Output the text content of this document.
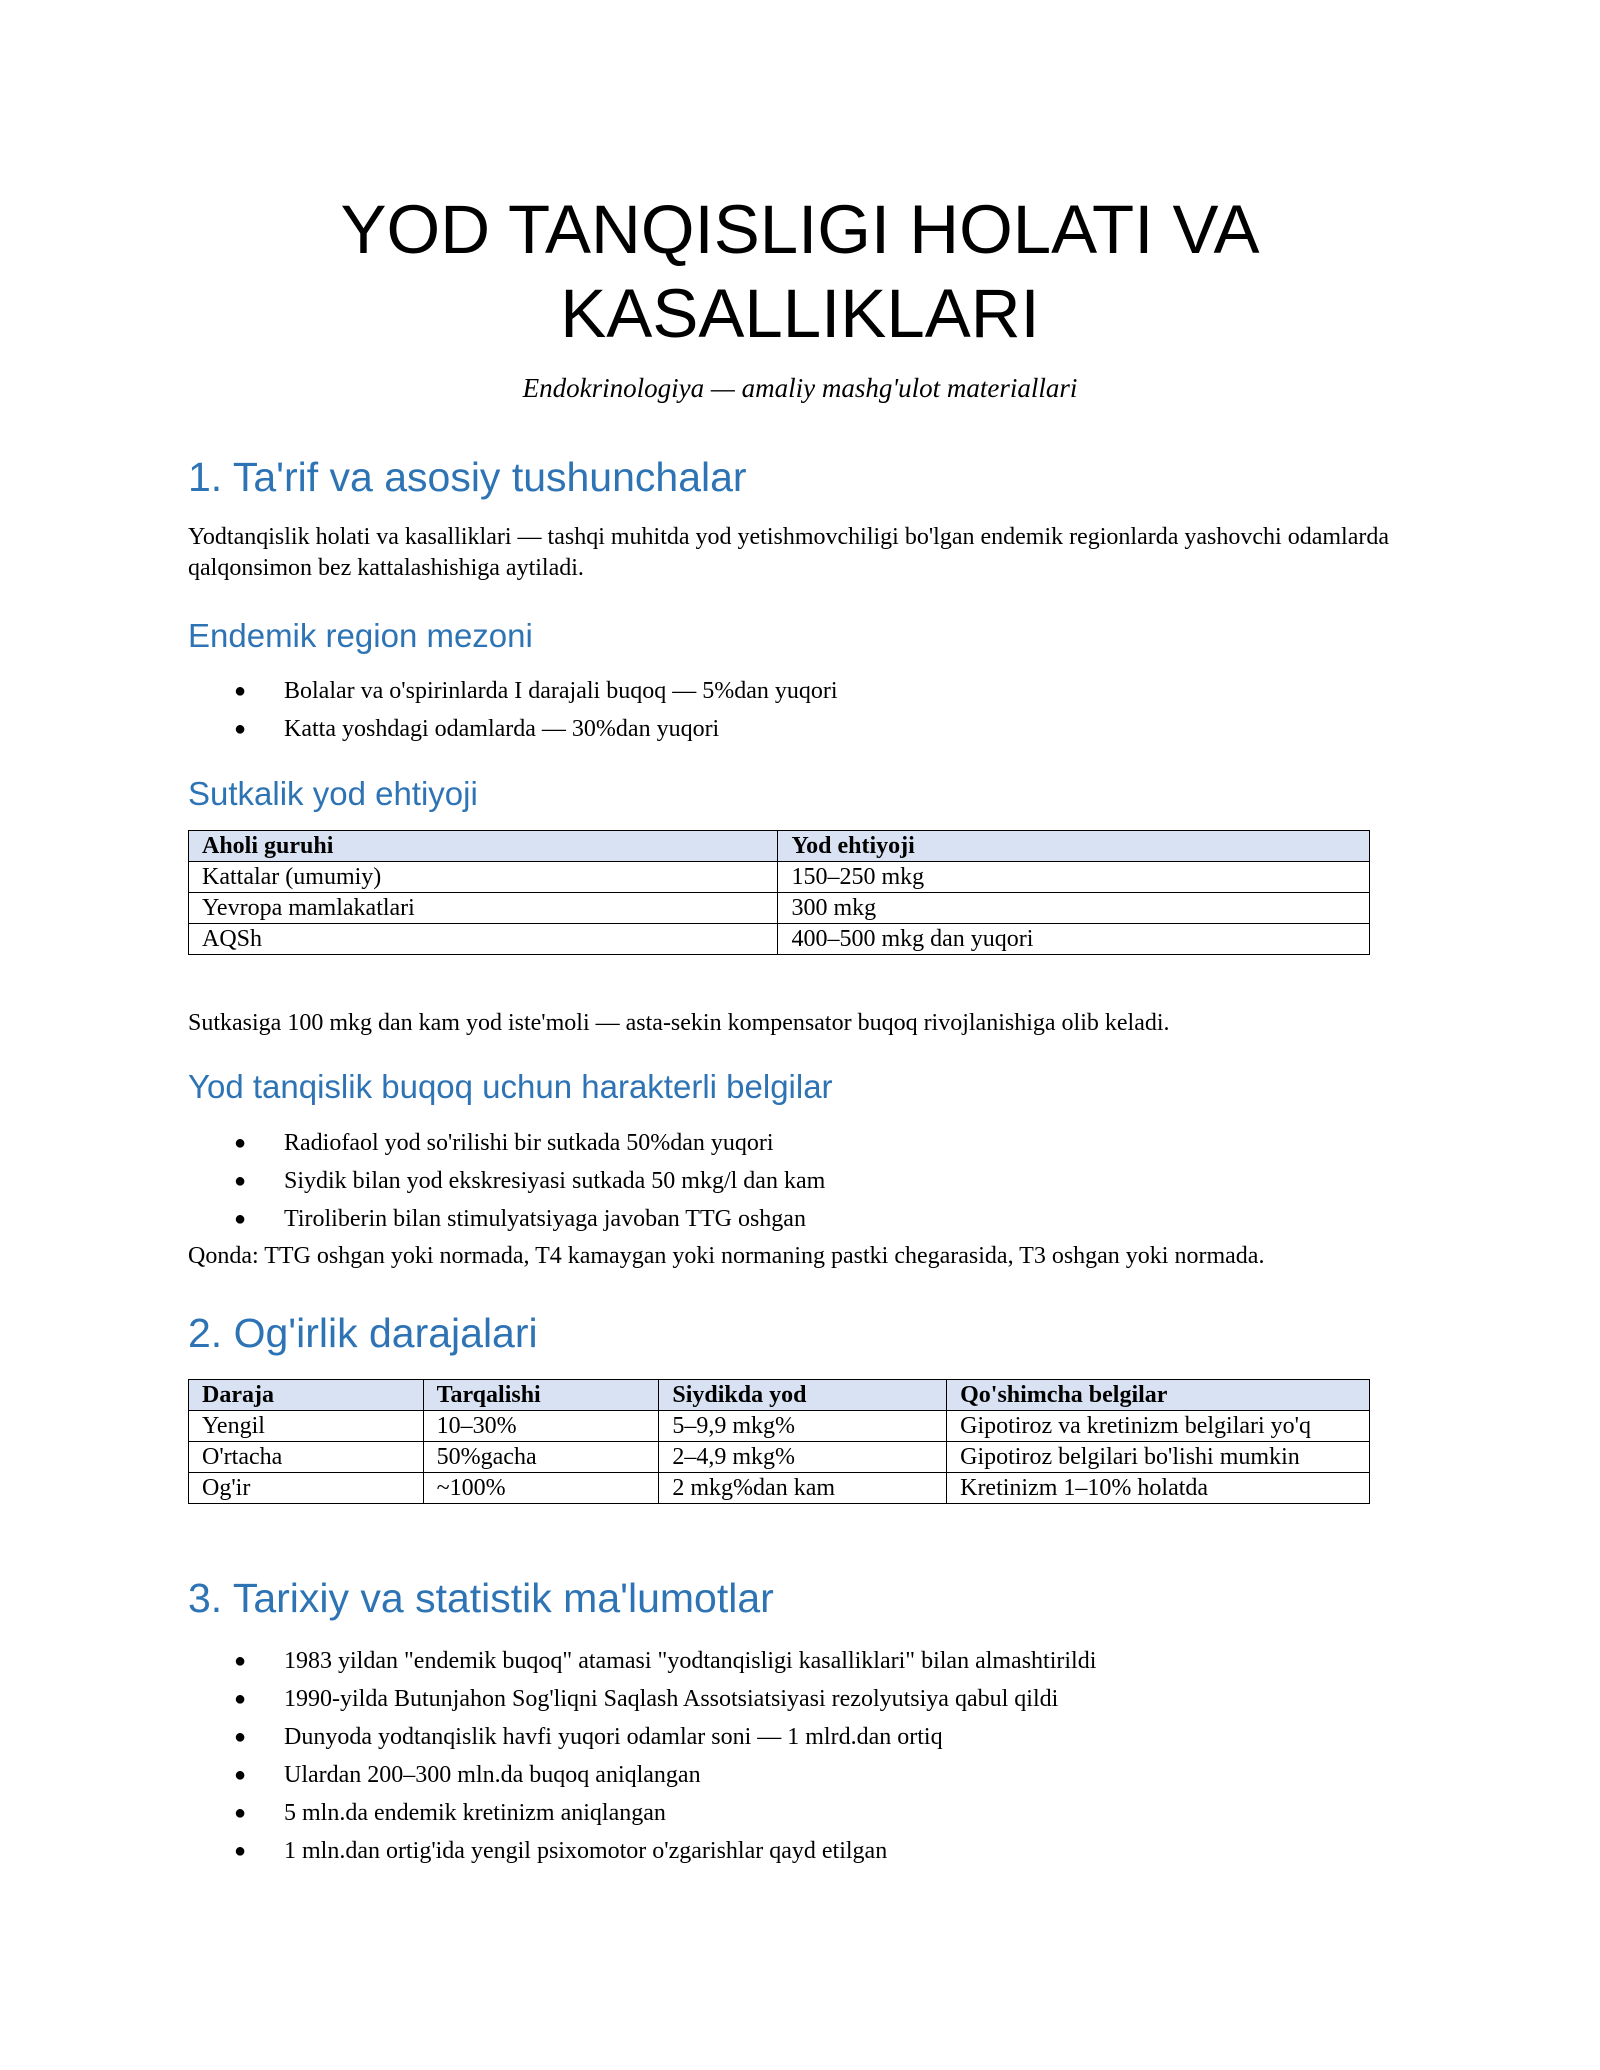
YOD TANQISLIGI HOLATI VA KASALLIKLARI

Endokrinologiya — amaliy mashg'ulot materiallari

1. Ta'rif va asosiy tushunchalar

Yodtanqislik holati va kasalliklari — tashqi muhitda yod yetishmovchiligi bo'lgan endemik regionlarda yashovchi odamlarda qalqonsimon bez kattalashishiga aytiladi.

Endemik region mezoni
● Bolalar va o'spirinlarda I darajali buqoq — 5%dan yuqori
● Katta yoshdagi odamlarda — 30%dan yuqori
Sutkalik yod ehtiyoji
Aholi guruhi	Yod ehtiyoji
Kattalar (umumiy)	150–250 mkg
Yevropa mamlakatlari	300 mkg
AQSh	400–500 mkg dan yuqori

Sutkasiga 100 mkg dan kam yod iste'moli — asta-sekin kompensator buqoq rivojlanishiga olib keladi.

Yod tanqislik buqoq uchun harakterli belgilar
● Radiofaol yod so'rilishi bir sutkada 50%dan yuqori
● Siydik bilan yod ekskresiyasi sutkada 50 mkg/l dan kam
● Tiroliberin bilan stimulyatsiyaga javoban TTG oshgan

Qonda: TTG oshgan yoki normada, T4 kamaygan yoki normaning pastki chegarasida, T3 oshgan yoki normada.

2. Og'irlik darajalari
Daraja	Tarqalishi	Siydikda yod	Qo'shimcha belgilar
Yengil	10–30%	5–9,9 mkg%	Gipotiroz va kretinizm belgilari yo'q
O'rtacha	50%gacha	2–4,9 mkg%	Gipotiroz belgilari bo'lishi mumkin
Og'ir	~100%	2 mkg%dan kam	Kretinizm 1–10% holatda
3. Tarixiy va statistik ma'lumotlar
● 1983 yildan "endemik buqoq" atamasi "yodtanqisligi kasalliklari" bilan almashtirildi
● 1990-yilda Butunjahon Sog'liqni Saqlash Assotsiatsiyasi rezolyutsiya qabul qildi
● Dunyoda yodtanqislik havfi yuqori odamlar soni — 1 mlrd.dan ortiq
● Ulardan 200–300 mln.da buqoq aniqlangan
● 5 mln.da endemik kretinizm aniqlangan
● 1 mln.dan ortig'ida yengil psixomotor o'zgarishlar qayd etilgan
